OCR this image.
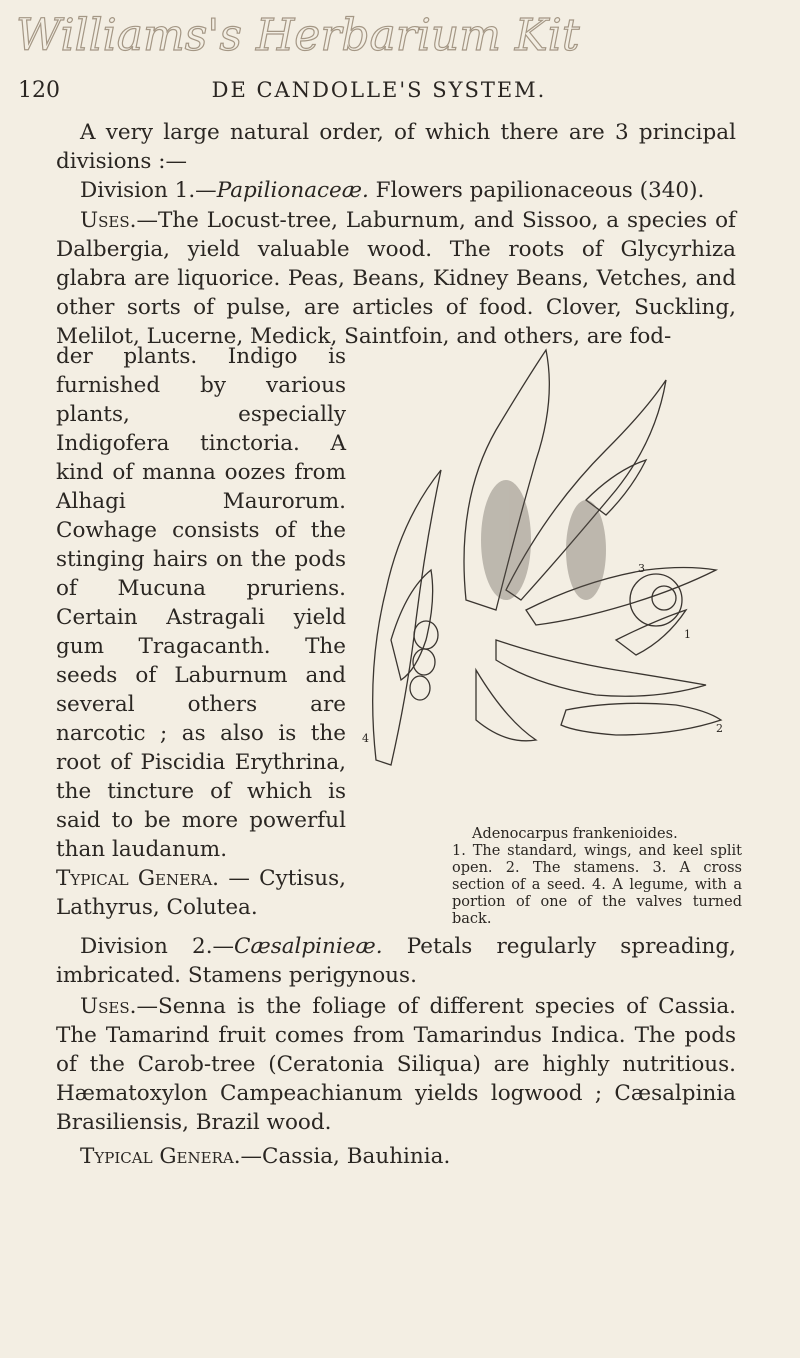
Williams's Herbarium Kit
120	DE CANDOLLE'S SYSTEM.

A very large natural order, of which there are 3 principal divisions :—

Division 1.—Papilionaceæ. Flowers papilionaceous (340).

Uses.—The Locust-tree, Laburnum, and Sissoo, a species of Dalbergia, yield valuable wood. The roots of Glycyrhiza glabra are liquorice. Peas, Beans, Kidney Beans, Vetches, and other sorts of pulse, are articles of food. Clover, Suckling, Melilot, Lucerne, Medick, Saintfoin, and others, are fod-

der plants. Indigo is furnished by various plants, especially Indigofera tinctoria. A kind of manna oozes from Alhagi Maurorum. Cowhage consists of the stinging hairs on the pods of Mucuna pruriens. Certain Astragali yield gum Tragacanth. The seeds of Laburnum and several others are narcotic ; as also is the root of Piscidia Erythrina, the tincture of which is said to be more powerful than laudanum.
Typical Genera. — Cytisus, Lathyrus, Colutea.

3
1
4
2
Adenocarpus frankenioides.
1. The standard, wings, and keel split open. 2. The stamens. 3. A cross section of a seed. 4. A legume, with a portion of one of the valves turned back.

Division 2.—Cæsalpinieæ. Petals regularly spreading, imbricated. Stamens perigynous.

Uses.—Senna is the foliage of different species of Cassia. The Tamarind fruit comes from Tamarindus Indica. The pods of the Carob-tree (Ceratonia Siliqua) are highly nutritious. Hæmatoxylon Campeachianum yields logwood ; Cæsalpinia Brasiliensis, Brazil wood.

Typical Genera.—Cassia, Bauhinia.
